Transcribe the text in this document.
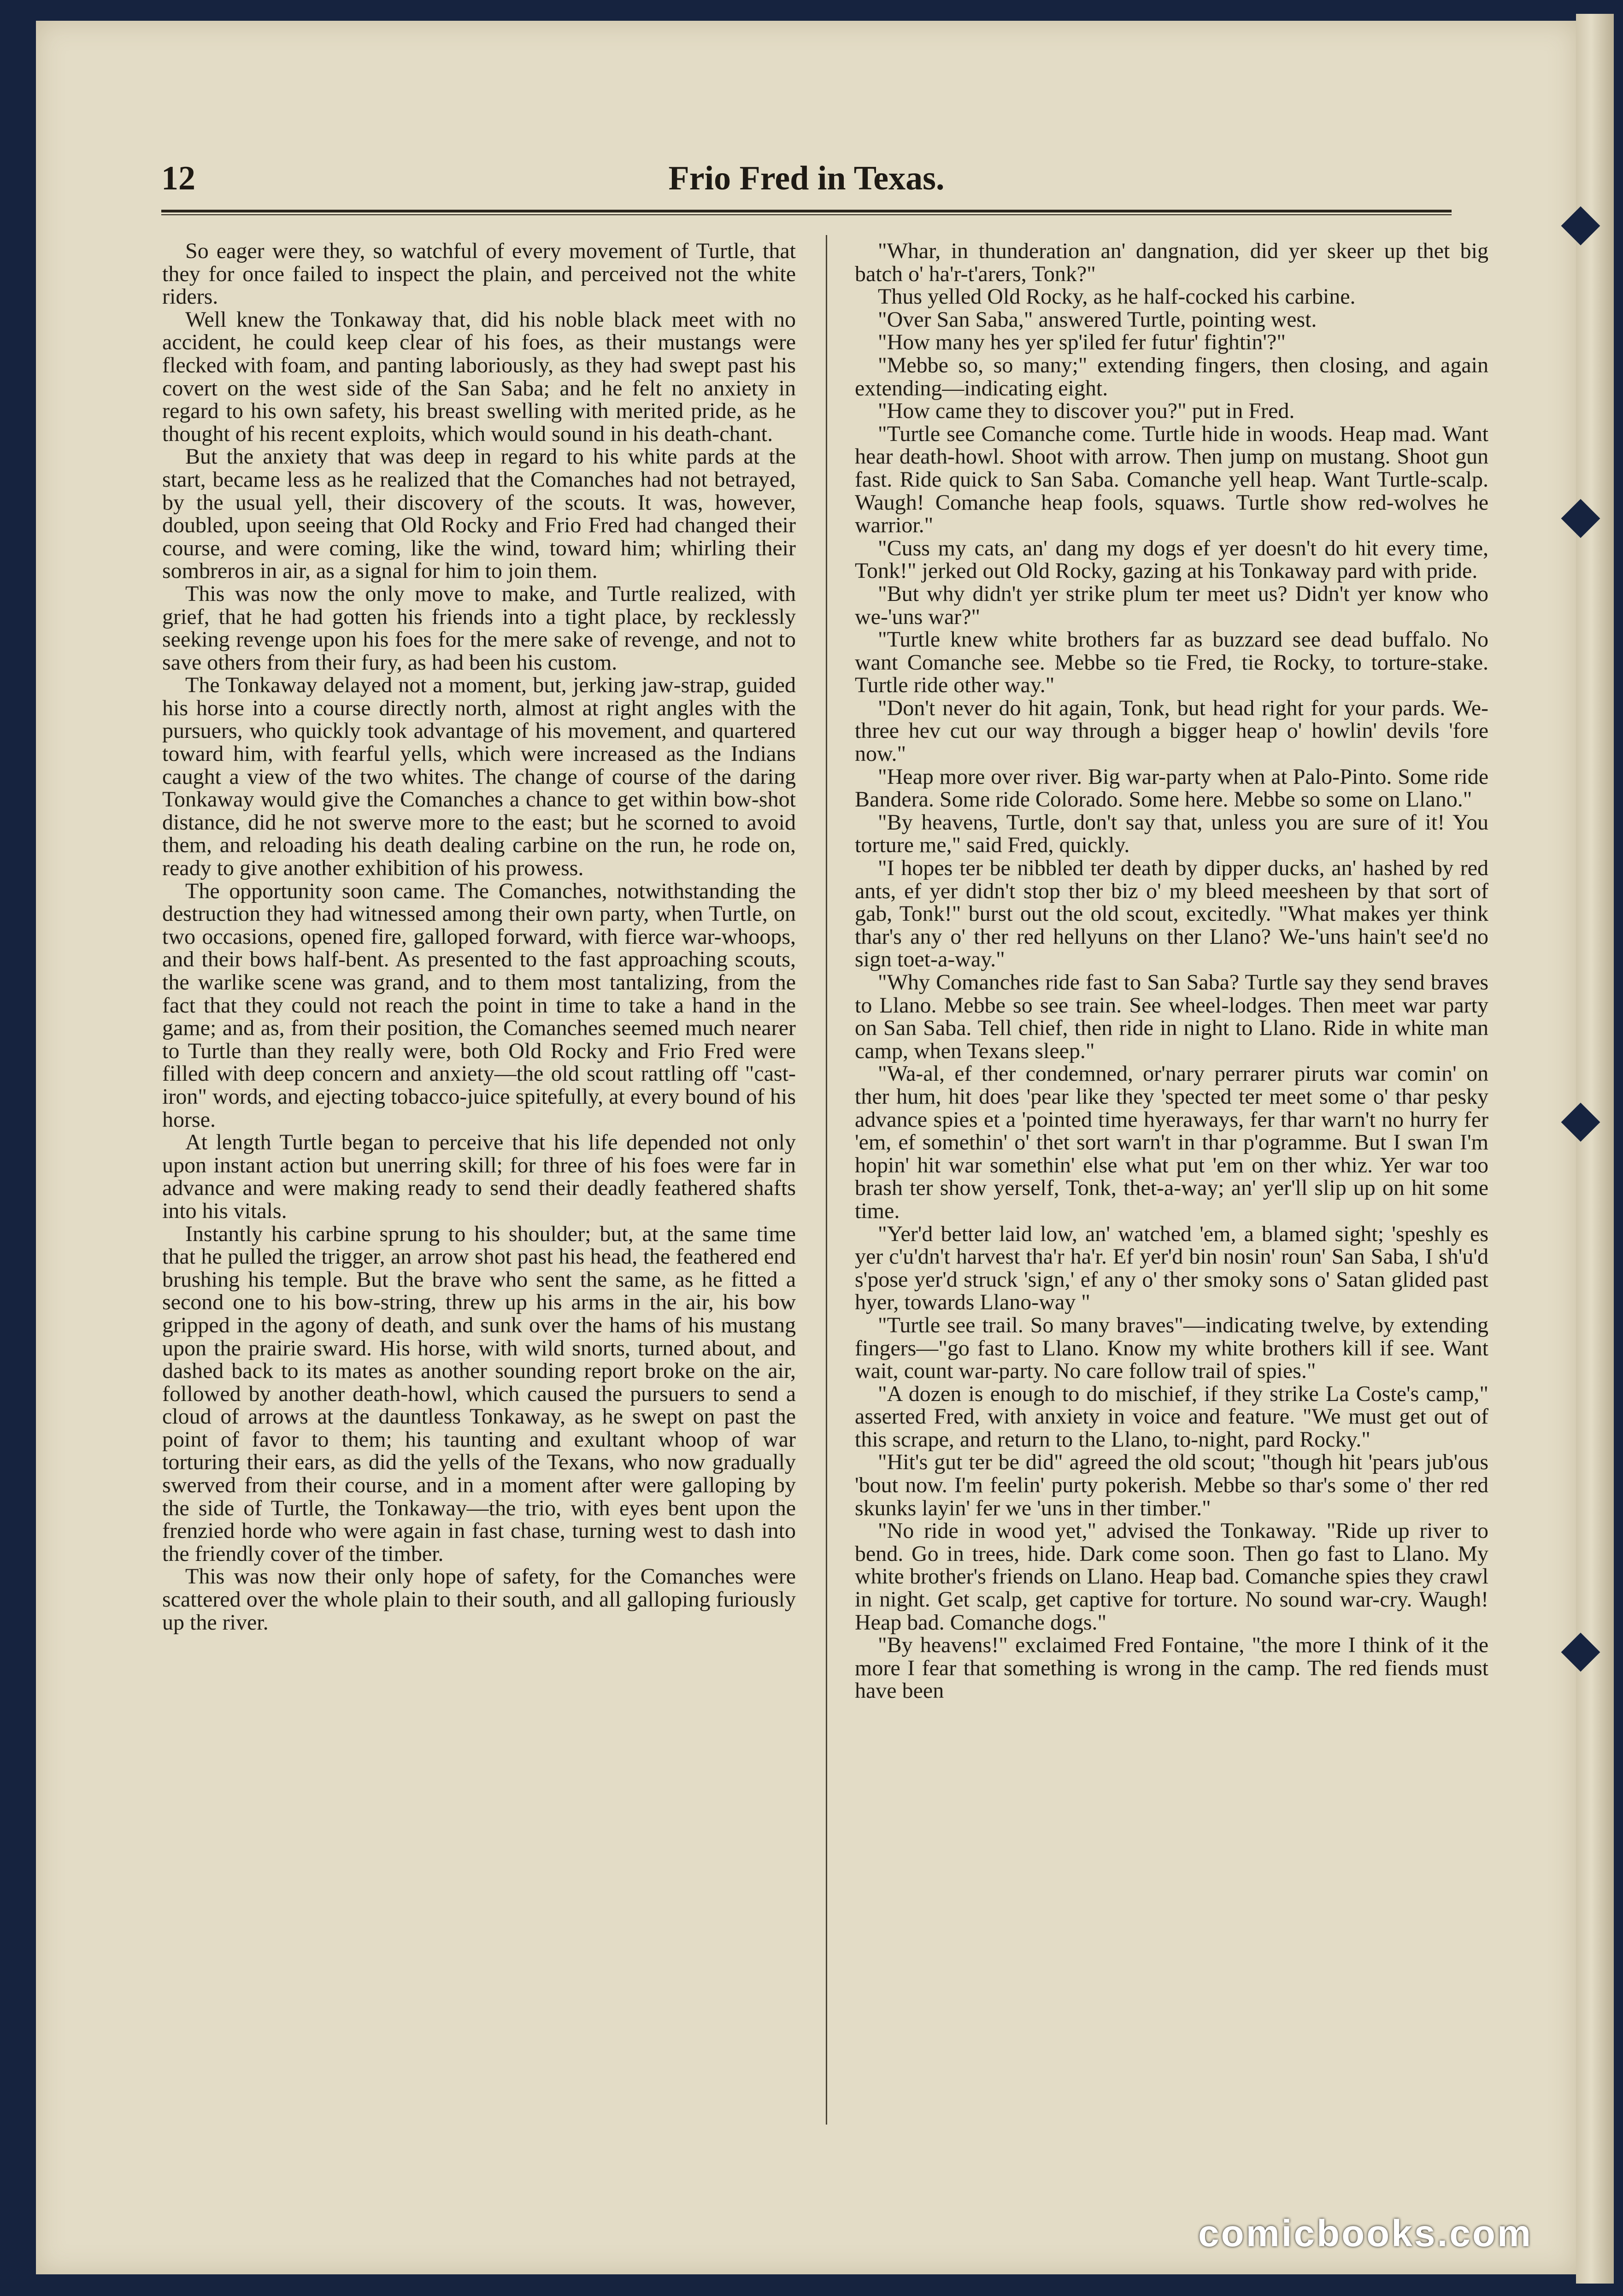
12	Frio Fred in Texas.

So eager were they, so watchful of every movement of Turtle, that they for once failed to inspect the plain, and perceived not the white riders.

Well knew the Tonkaway that, did his noble black meet with no accident, he could keep clear of his foes, as their mustangs were flecked with foam, and panting laboriously, as they had swept past his covert on the west side of the San Saba; and he felt no anxiety in regard to his own safety, his breast swelling with merited pride, as he thought of his recent exploits, which would sound in his death-chant.

But the anxiety that was deep in regard to his white pards at the start, became less as he realized that the Comanches had not betrayed, by the usual yell, their discovery of the scouts. It was, however, doubled, upon seeing that Old Rocky and Frio Fred had changed their course, and were coming, like the wind, toward him; whirling their sombreros in air, as a signal for him to join them.

This was now the only move to make, and Turtle realized, with grief, that he had gotten his friends into a tight place, by recklessly seeking revenge upon his foes for the mere sake of revenge, and not to save others from their fury, as had been his custom.

The Tonkaway delayed not a moment, but, jerking jaw-strap, guided his horse into a course directly north, almost at right angles with the pursuers, who quickly took advantage of his movement, and quartered toward him, with fearful yells, which were increased as the Indians caught a view of the two whites. The change of course of the daring Tonkaway would give the Comanches a chance to get within bow-shot distance, did he not swerve more to the east; but he scorned to avoid them, and reloading his death dealing carbine on the run, he rode on, ready to give another exhibition of his prowess.

The opportunity soon came. The Comanches, notwithstanding the destruction they had witnessed among their own party, when Turtle, on two occasions, opened fire, galloped forward, with fierce war-whoops, and their bows half-bent. As presented to the fast approaching scouts, the warlike scene was grand, and to them most tantalizing, from the fact that they could not reach the point in time to take a hand in the game; and as, from their position, the Comanches seemed much nearer to Turtle than they really were, both Old Rocky and Frio Fred were filled with deep concern and anxiety—the old scout rattling off "cast-iron" words, and ejecting tobacco-juice spitefully, at every bound of his horse.

At length Turtle began to perceive that his life depended not only upon instant action but unerring skill; for three of his foes were far in advance and were making ready to send their deadly feathered shafts into his vitals.

Instantly his carbine sprung to his shoulder; but, at the same time that he pulled the trigger, an arrow shot past his head, the feathered end brushing his temple. But the brave who sent the same, as he fitted a second one to his bow-string, threw up his arms in the air, his bow gripped in the agony of death, and sunk over the hams of his mustang upon the prairie sward. His horse, with wild snorts, turned about, and dashed back to its mates as another sounding report broke on the air, followed by another death-howl, which caused the pursuers to send a cloud of arrows at the dauntless Tonkaway, as he swept on past the point of favor to them; his taunting and exultant whoop of war torturing their ears, as did the yells of the Texans, who now gradually swerved from their course, and in a moment after were galloping by the side of Turtle, the Tonkaway—the trio, with eyes bent upon the frenzied horde who were again in fast chase, turning west to dash into the friendly cover of the timber.

This was now their only hope of safety, for the Comanches were scattered over the whole plain to their south, and all galloping furiously up the river.

"Whar, in thunderation an' dangnation, did yer skeer up thet big batch o' ha'r-t'arers, Tonk?"

Thus yelled Old Rocky, as he half-cocked his carbine.

"Over San Saba," answered Turtle, pointing west.

"How many hes yer sp'iled fer futur' fightin'?"

"Mebbe so, so many;" extending fingers, then closing, and again extending—indicating eight.

"How came they to discover you?" put in Fred.

"Turtle see Comanche come. Turtle hide in woods. Heap mad. Want hear death-howl. Shoot with arrow. Then jump on mustang. Shoot gun fast. Ride quick to San Saba. Comanche yell heap. Want Turtle-scalp. Waugh! Comanche heap fools, squaws. Turtle show red-wolves he warrior."

"Cuss my cats, an' dang my dogs ef yer doesn't do hit every time, Tonk!" jerked out Old Rocky, gazing at his Tonkaway pard with pride.

"But why didn't yer strike plum ter meet us? Didn't yer know who we-'uns war?"

"Turtle knew white brothers far as buzzard see dead buffalo. No want Comanche see. Mebbe so tie Fred, tie Rocky, to torture-stake. Turtle ride other way."

"Don't never do hit again, Tonk, but head right for your pards. We-three hev cut our way through a bigger heap o' howlin' devils 'fore now."

"Heap more over river. Big war-party when at Palo-Pinto. Some ride Bandera. Some ride Colorado. Some here. Mebbe so some on Llano."

"By heavens, Turtle, don't say that, unless you are sure of it! You torture me," said Fred, quickly.

"I hopes ter be nibbled ter death by dipper ducks, an' hashed by red ants, ef yer didn't stop ther biz o' my bleed meesheen by that sort of gab, Tonk!" burst out the old scout, excitedly. "What makes yer think thar's any o' ther red hellyuns on ther Llano? We-'uns hain't see'd no sign toet-a-way."

"Why Comanches ride fast to San Saba? Turtle say they send braves to Llano. Mebbe so see train. See wheel-lodges. Then meet war party on San Saba. Tell chief, then ride in night to Llano. Ride in white man camp, when Texans sleep."

"Wa-al, ef ther condemned, or'nary perrarer piruts war comin' on ther hum, hit does 'pear like they 'spected ter meet some o' thar pesky advance spies et a 'pointed time hyeraways, fer thar warn't no hurry fer 'em, ef somethin' o' thet sort warn't in thar p'ogramme. But I swan I'm hopin' hit war somethin' else what put 'em on ther whiz. Yer war too brash ter show yerself, Tonk, thet-a-way; an' yer'll slip up on hit some time.

"Yer'd better laid low, an' watched 'em, a blamed sight; 'speshly es yer c'u'dn't harvest tha'r ha'r. Ef yer'd bin nosin' roun' San Saba, I sh'u'd s'pose yer'd struck 'sign,' ef any o' ther smoky sons o' Satan glided past hyer, towards Llano-way "

"Turtle see trail. So many braves"—indicating twelve, by extending fingers—"go fast to Llano. Know my white brothers kill if see. Want wait, count war-party. No care follow trail of spies."

"A dozen is enough to do mischief, if they strike La Coste's camp," asserted Fred, with anxiety in voice and feature. "We must get out of this scrape, and return to the Llano, to-night, pard Rocky."

"Hit's gut ter be did" agreed the old scout; "though hit 'pears jub'ous 'bout now. I'm feelin' purty pokerish. Mebbe so thar's some o' ther red skunks layin' fer we 'uns in ther timber."

"No ride in wood yet," advised the Tonkaway. "Ride up river to bend. Go in trees, hide. Dark come soon. Then go fast to Llano. My white brother's friends on Llano. Heap bad. Comanche spies they crawl in night. Get scalp, get captive for torture. No sound war-cry. Waugh! Heap bad. Comanche dogs."

"By heavens!" exclaimed Fred Fontaine, "the more I think of it the more I fear that something is wrong in the camp. The red fiends must have been

comicbooks.com
